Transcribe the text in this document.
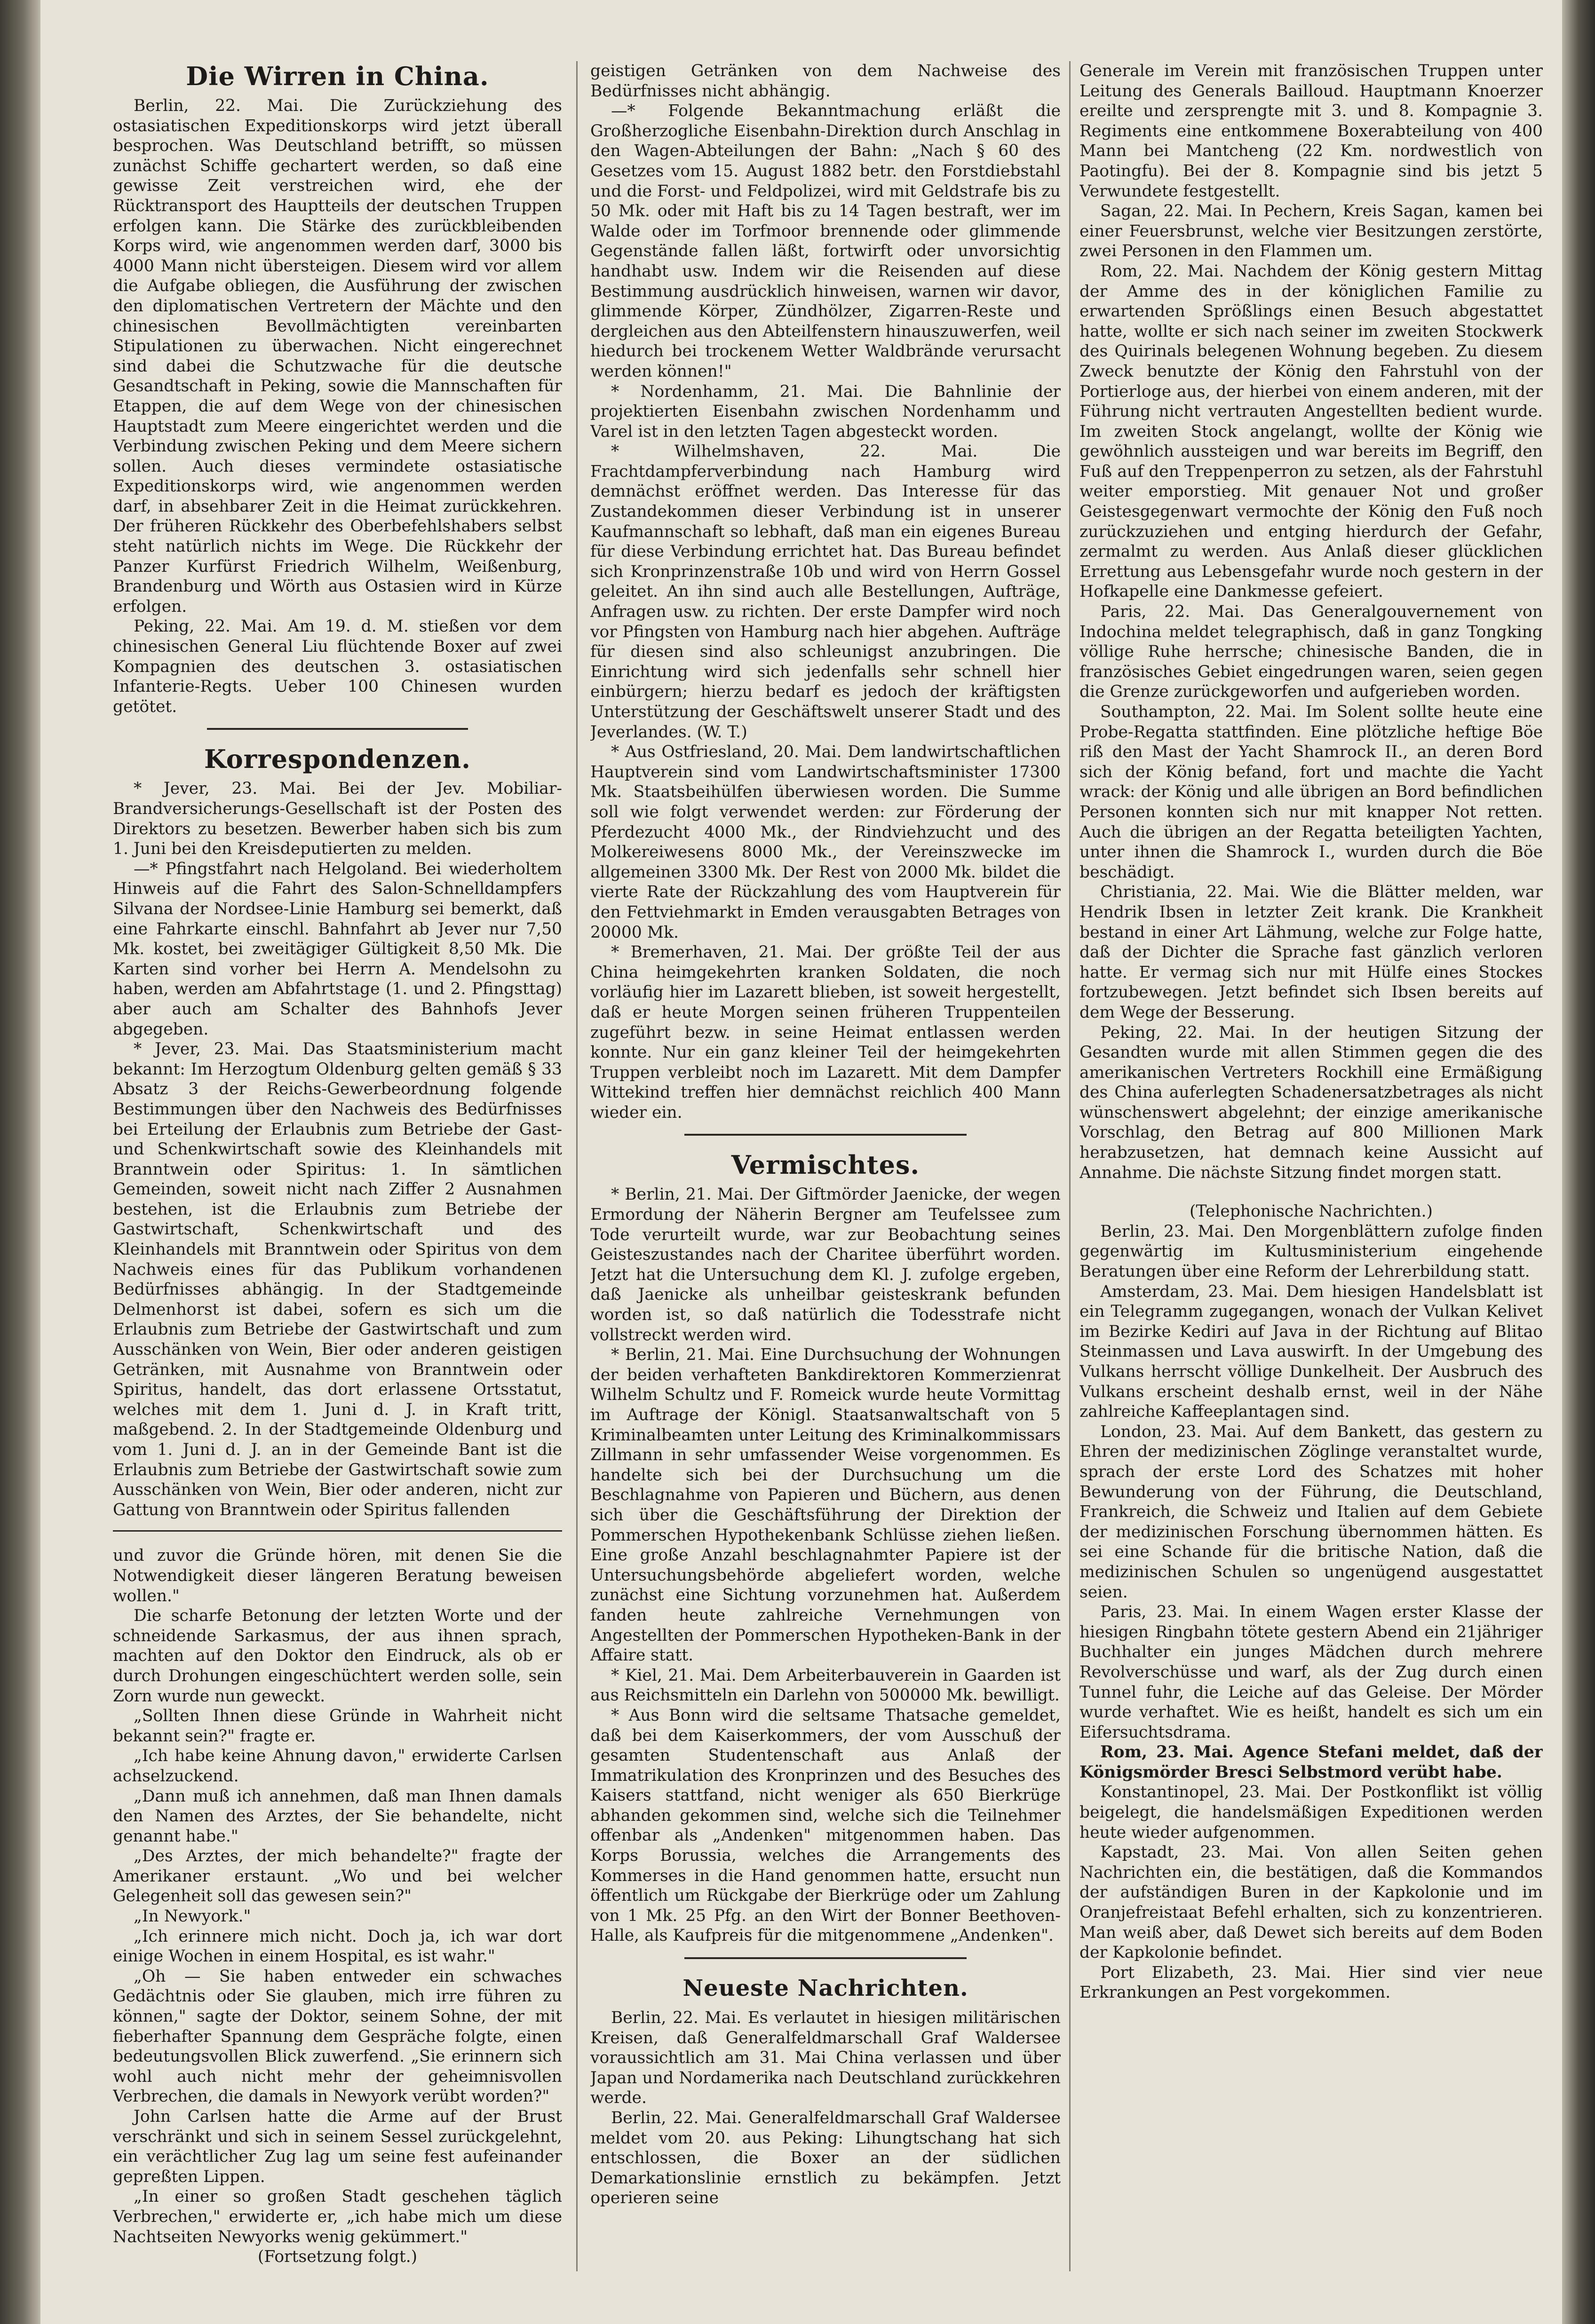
Die Wirren in China.

Berlin, 22. Mai. Die Zurückziehung des ostasiatischen Expeditionskorps wird jetzt überall besprochen. Was Deutschland betrifft, so müssen zunächst Schiffe gechartert werden, so daß eine gewisse Zeit verstreichen wird, ehe der Rücktransport des Hauptteils der deutschen Truppen erfolgen kann. Die Stärke des zurückbleibenden Korps wird, wie angenommen werden darf, 3000 bis 4000 Mann nicht übersteigen. Diesem wird vor allem die Aufgabe obliegen, die Ausführung der zwischen den diplomatischen Vertretern der Mächte und den chinesischen Bevollmächtigten vereinbarten Stipulationen zu überwachen. Nicht eingerechnet sind dabei die Schutzwache für die deutsche Gesandtschaft in Peking, sowie die Mannschaften für Etappen, die auf dem Wege von der chinesischen Hauptstadt zum Meere eingerichtet werden und die Verbindung zwischen Peking und dem Meere sichern sollen. Auch dieses vermindete ostasiatische Expeditionskorps wird, wie angenommen werden darf, in absehbarer Zeit in die Heimat zurückkehren. Der früheren Rückkehr des Oberbefehlshabers selbst steht natürlich nichts im Wege. Die Rückkehr der Panzer Kurfürst Friedrich Wilhelm, Weißenburg, Brandenburg und Wörth aus Ostasien wird in Kürze erfolgen.

Peking, 22. Mai. Am 19. d. M. stießen vor dem chinesischen General Liu flüchtende Boxer auf zwei Kompagnien des deutschen 3. ostasiatischen Infanterie-Regts. Ueber 100 Chinesen wurden getötet.

Korrespondenzen.

* Jever, 23. Mai. Bei der Jev. Mobiliar-Brandversicherungs-Gesellschaft ist der Posten des Direktors zu besetzen. Bewerber haben sich bis zum 1. Juni bei den Kreisdeputierten zu melden.

—* Pfingstfahrt nach Helgoland. Bei wiederholtem Hinweis auf die Fahrt des Salon-Schnelldampfers Silvana der Nordsee-Linie Hamburg sei bemerkt, daß eine Fahrkarte einschl. Bahnfahrt ab Jever nur 7,50 Mk. kostet, bei zweitägiger Gültigkeit 8,50 Mk. Die Karten sind vorher bei Herrn A. Mendelsohn zu haben, werden am Abfahrtstage (1. und 2. Pfingsttag) aber auch am Schalter des Bahnhofs Jever abgegeben.

* Jever, 23. Mai. Das Staatsministerium macht bekannt: Im Herzogtum Oldenburg gelten gemäß § 33 Absatz 3 der Reichs-Gewerbeordnung folgende Bestimmungen über den Nachweis des Bedürfnisses bei Erteilung der Erlaubnis zum Betriebe der Gast- und Schenkwirtschaft sowie des Kleinhandels mit Branntwein oder Spiritus: 1. In sämtlichen Gemeinden, soweit nicht nach Ziffer 2 Ausnahmen bestehen, ist die Erlaubnis zum Betriebe der Gastwirtschaft, Schenkwirtschaft und des Kleinhandels mit Branntwein oder Spiritus von dem Nachweis eines für das Publikum vorhandenen Bedürfnisses abhängig. In der Stadtgemeinde Delmenhorst ist dabei, sofern es sich um die Erlaubnis zum Betriebe der Gastwirtschaft und zum Ausschänken von Wein, Bier oder anderen geistigen Getränken, mit Ausnahme von Branntwein oder Spiritus, handelt, das dort erlassene Ortsstatut, welches mit dem 1. Juni d. J. in Kraft tritt, maßgebend. 2. In der Stadtgemeinde Oldenburg und vom 1. Juni d. J. an in der Gemeinde Bant ist die Erlaubnis zum Betriebe der Gastwirtschaft sowie zum Ausschänken von Wein, Bier oder anderen, nicht zur Gattung von Branntwein oder Spiritus fallenden

und zuvor die Gründe hören, mit denen Sie die Notwendigkeit dieser längeren Beratung beweisen wollen."

Die scharfe Betonung der letzten Worte und der schneidende Sarkasmus, der aus ihnen sprach, machten auf den Doktor den Eindruck, als ob er durch Drohungen eingeschüchtert werden solle, sein Zorn wurde nun geweckt.

„Sollten Ihnen diese Gründe in Wahrheit nicht bekannt sein?" fragte er.

„Ich habe keine Ahnung davon," erwiderte Carlsen achselzuckend.

„Dann muß ich annehmen, daß man Ihnen damals den Namen des Arztes, der Sie behandelte, nicht genannt habe."

„Des Arztes, der mich behandelte?" fragte der Amerikaner erstaunt. „Wo und bei welcher Gelegenheit soll das gewesen sein?"

„In Newyork."

„Ich erinnere mich nicht. Doch ja, ich war dort einige Wochen in einem Hospital, es ist wahr."

„Oh — Sie haben entweder ein schwaches Gedächtnis oder Sie glauben, mich irre führen zu können," sagte der Doktor, seinem Sohne, der mit fieberhafter Spannung dem Gespräche folgte, einen bedeutungsvollen Blick zuwerfend. „Sie erinnern sich wohl auch nicht mehr der geheimnisvollen Verbrechen, die damals in Newyork verübt worden?"

John Carlsen hatte die Arme auf der Brust verschränkt und sich in seinem Sessel zurückgelehnt, ein verächtlicher Zug lag um seine fest aufeinander gepreßten Lippen.

„In einer so großen Stadt geschehen täglich Verbrechen," erwiderte er, „ich habe mich um diese Nachtseiten Newyorks wenig gekümmert."

(Fortsetzung folgt.)

geistigen Getränken von dem Nachweise des Bedürfnisses nicht abhängig.

—* Folgende Bekanntmachung erläßt die Großherzogliche Eisenbahn-Direktion durch Anschlag in den Wagen-Abteilungen der Bahn: „Nach § 60 des Gesetzes vom 15. August 1882 betr. den Forstdiebstahl und die Forst- und Feldpolizei, wird mit Geldstrafe bis zu 50 Mk. oder mit Haft bis zu 14 Tagen bestraft, wer im Walde oder im Torfmoor brennende oder glimmende Gegenstände fallen läßt, fortwirft oder unvorsichtig handhabt usw. Indem wir die Reisenden auf diese Bestimmung ausdrücklich hinweisen, warnen wir davor, glimmende Körper, Zündhölzer, Zigarren-Reste und dergleichen aus den Abteilfenstern hinauszuwerfen, weil hiedurch bei trockenem Wetter Waldbrände verursacht werden können!"

* Nordenhamm, 21. Mai. Die Bahnlinie der projektierten Eisenbahn zwischen Nordenhamm und Varel ist in den letzten Tagen abgesteckt worden.

* Wilhelmshaven, 22. Mai. Die Frachtdampferverbindung nach Hamburg wird demnächst eröffnet werden. Das Interesse für das Zustandekommen dieser Verbindung ist in unserer Kaufmannschaft so lebhaft, daß man ein eigenes Bureau für diese Verbindung errichtet hat. Das Bureau befindet sich Kronprinzenstraße 10b und wird von Herrn Gossel geleitet. An ihn sind auch alle Bestellungen, Aufträge, Anfragen usw. zu richten. Der erste Dampfer wird noch vor Pfingsten von Hamburg nach hier abgehen. Aufträge für diesen sind also schleunigst anzubringen. Die Einrichtung wird sich jedenfalls sehr schnell hier einbürgern; hierzu bedarf es jedoch der kräftigsten Unterstützung der Geschäftswelt unserer Stadt und des Jeverlandes. (W. T.)

* Aus Ostfriesland, 20. Mai. Dem landwirtschaftlichen Hauptverein sind vom Landwirtschaftsminister 17300 Mk. Staatsbeihülfen überwiesen worden. Die Summe soll wie folgt verwendet werden: zur Förderung der Pferdezucht 4000 Mk., der Rindviehzucht und des Molkereiwesens 8000 Mk., der Vereinszwecke im allgemeinen 3300 Mk. Der Rest von 2000 Mk. bildet die vierte Rate der Rückzahlung des vom Hauptverein für den Fettviehmarkt in Emden verausgabten Betrages von 20000 Mk.

* Bremerhaven, 21. Mai. Der größte Teil der aus China heimgekehrten kranken Soldaten, die noch vorläufig hier im Lazarett blieben, ist soweit hergestellt, daß er heute Morgen seinen früheren Truppenteilen zugeführt bezw. in seine Heimat entlassen werden konnte. Nur ein ganz kleiner Teil der heimgekehrten Truppen verbleibt noch im Lazarett. Mit dem Dampfer Wittekind treffen hier demnächst reichlich 400 Mann wieder ein.

Vermischtes.

* Berlin, 21. Mai. Der Giftmörder Jaenicke, der wegen Ermordung der Näherin Bergner am Teufelssee zum Tode verurteilt wurde, war zur Beobachtung seines Geisteszustandes nach der Charitee überführt worden. Jetzt hat die Untersuchung dem Kl. J. zufolge ergeben, daß Jaenicke als unheilbar geisteskrank befunden worden ist, so daß natürlich die Todesstrafe nicht vollstreckt werden wird.

* Berlin, 21. Mai. Eine Durchsuchung der Wohnungen der beiden verhafteten Bankdirektoren Kommerzienrat Wilhelm Schultz und F. Romeick wurde heute Vormittag im Auftrage der Königl. Staatsanwaltschaft von 5 Kriminalbeamten unter Leitung des Kriminalkommissars Zillmann in sehr umfassender Weise vorgenommen. Es handelte sich bei der Durchsuchung um die Beschlagnahme von Papieren und Büchern, aus denen sich über die Geschäftsführung der Direktion der Pommerschen Hypothekenbank Schlüsse ziehen ließen. Eine große Anzahl beschlagnahmter Papiere ist der Untersuchungsbehörde abgeliefert worden, welche zunächst eine Sichtung vorzunehmen hat. Außerdem fanden heute zahlreiche Vernehmungen von Angestellten der Pommerschen Hypotheken-Bank in der Affaire statt.

* Kiel, 21. Mai. Dem Arbeiterbauverein in Gaarden ist aus Reichsmitteln ein Darlehn von 500000 Mk. bewilligt.

* Aus Bonn wird die seltsame Thatsache gemeldet, daß bei dem Kaiserkommers, der vom Ausschuß der gesamten Studentenschaft aus Anlaß der Immatrikulation des Kronprinzen und des Besuches des Kaisers stattfand, nicht weniger als 650 Bierkrüge abhanden gekommen sind, welche sich die Teilnehmer offenbar als „Andenken" mitgenommen haben. Das Korps Borussia, welches die Arrangements des Kommerses in die Hand genommen hatte, ersucht nun öffentlich um Rückgabe der Bierkrüge oder um Zahlung von 1 Mk. 25 Pfg. an den Wirt der Bonner Beethoven-Halle, als Kaufpreis für die mitgenommene „Andenken".

Neueste Nachrichten.

Berlin, 22. Mai. Es verlautet in hiesigen militärischen Kreisen, daß Generalfeldmarschall Graf Waldersee voraussichtlich am 31. Mai China verlassen und über Japan und Nordamerika nach Deutschland zurückkehren werde.

Berlin, 22. Mai. Generalfeldmarschall Graf Waldersee meldet vom 20. aus Peking: Lihungtschang hat sich entschlossen, die Boxer an der südlichen Demarkationslinie ernstlich zu bekämpfen. Jetzt operieren seine

Generale im Verein mit französischen Truppen unter Leitung des Generals Bailloud. Hauptmann Knoerzer ereilte und zersprengte mit 3. und 8. Kompagnie 3. Regiments eine entkommene Boxerabteilung von 400 Mann bei Mantcheng (22 Km. nordwestlich von Paotingfu). Bei der 8. Kompagnie sind bis jetzt 5 Verwundete festgestellt.

Sagan, 22. Mai. In Pechern, Kreis Sagan, kamen bei einer Feuersbrunst, welche vier Besitzungen zerstörte, zwei Personen in den Flammen um.

Rom, 22. Mai. Nachdem der König gestern Mittag der Amme des in der königlichen Familie zu erwartenden Sprößlings einen Besuch abgestattet hatte, wollte er sich nach seiner im zweiten Stockwerk des Quirinals belegenen Wohnung begeben. Zu diesem Zweck benutzte der König den Fahrstuhl von der Portierloge aus, der hierbei von einem anderen, mit der Führung nicht vertrauten Angestellten bedient wurde. Im zweiten Stock angelangt, wollte der König wie gewöhnlich aussteigen und war bereits im Begriff, den Fuß auf den Treppenperron zu setzen, als der Fahrstuhl weiter emporstieg. Mit genauer Not und großer Geistesgegenwart vermochte der König den Fuß noch zurückzuziehen und entging hierdurch der Gefahr, zermalmt zu werden. Aus Anlaß dieser glücklichen Errettung aus Lebensgefahr wurde noch gestern in der Hofkapelle eine Dankmesse gefeiert.

Paris, 22. Mai. Das Generalgouvernement von Indochina meldet telegraphisch, daß in ganz Tongking völlige Ruhe herrsche; chinesische Banden, die in französisches Gebiet eingedrungen waren, seien gegen die Grenze zurückgeworfen und aufgerieben worden.

Southampton, 22. Mai. Im Solent sollte heute eine Probe-Regatta stattfinden. Eine plötzliche heftige Böe riß den Mast der Yacht Shamrock II., an deren Bord sich der König befand, fort und machte die Yacht wrack: der König und alle übrigen an Bord befindlichen Personen konnten sich nur mit knapper Not retten. Auch die übrigen an der Regatta beteiligten Yachten, unter ihnen die Shamrock I., wurden durch die Böe beschädigt.

Christiania, 22. Mai. Wie die Blätter melden, war Hendrik Ibsen in letzter Zeit krank. Die Krankheit bestand in einer Art Lähmung, welche zur Folge hatte, daß der Dichter die Sprache fast gänzlich verloren hatte. Er vermag sich nur mit Hülfe eines Stockes fortzubewegen. Jetzt befindet sich Ibsen bereits auf dem Wege der Besserung.

Peking, 22. Mai. In der heutigen Sitzung der Gesandten wurde mit allen Stimmen gegen die des amerikanischen Vertreters Rockhill eine Ermäßigung des China auferlegten Schadenersatzbetrages als nicht wünschenswert abgelehnt; der einzige amerikanische Vorschlag, den Betrag auf 800 Millionen Mark herabzusetzen, hat demnach keine Aussicht auf Annahme. Die nächste Sitzung findet morgen statt.

(Telephonische Nachrichten.)

Berlin, 23. Mai. Den Morgenblättern zufolge finden gegenwärtig im Kultusministerium eingehende Beratungen über eine Reform der Lehrerbildung statt.

Amsterdam, 23. Mai. Dem hiesigen Handelsblatt ist ein Telegramm zugegangen, wonach der Vulkan Kelivet im Bezirke Kediri auf Java in der Richtung auf Blitao Steinmassen und Lava auswirft. In der Umgebung des Vulkans herrscht völlige Dunkelheit. Der Ausbruch des Vulkans erscheint deshalb ernst, weil in der Nähe zahlreiche Kaffeeplantagen sind.

London, 23. Mai. Auf dem Bankett, das gestern zu Ehren der medizinischen Zöglinge veranstaltet wurde, sprach der erste Lord des Schatzes mit hoher Bewunderung von der Führung, die Deutschland, Frankreich, die Schweiz und Italien auf dem Gebiete der medizinischen Forschung übernommen hätten. Es sei eine Schande für die britische Nation, daß die medizinischen Schulen so ungenügend ausgestattet seien.

Paris, 23. Mai. In einem Wagen erster Klasse der hiesigen Ringbahn tötete gestern Abend ein 21jähriger Buchhalter ein junges Mädchen durch mehrere Revolverschüsse und warf, als der Zug durch einen Tunnel fuhr, die Leiche auf das Geleise. Der Mörder wurde verhaftet. Wie es heißt, handelt es sich um ein Eifersuchtsdrama.

Rom, 23. Mai. Agence Stefani meldet, daß der Königsmörder Bresci Selbstmord verübt habe.

Konstantinopel, 23. Mai. Der Postkonflikt ist völlig beigelegt, die handelsmäßigen Expeditionen werden heute wieder aufgenommen.

Kapstadt, 23. Mai. Von allen Seiten gehen Nachrichten ein, die bestätigen, daß die Kommandos der aufständigen Buren in der Kapkolonie und im Oranjefreistaat Befehl erhalten, sich zu konzentrieren. Man weiß aber, daß Dewet sich bereits auf dem Boden der Kapkolonie befindet.

Port Elizabeth, 23. Mai. Hier sind vier neue Erkrankungen an Pest vorgekommen.
